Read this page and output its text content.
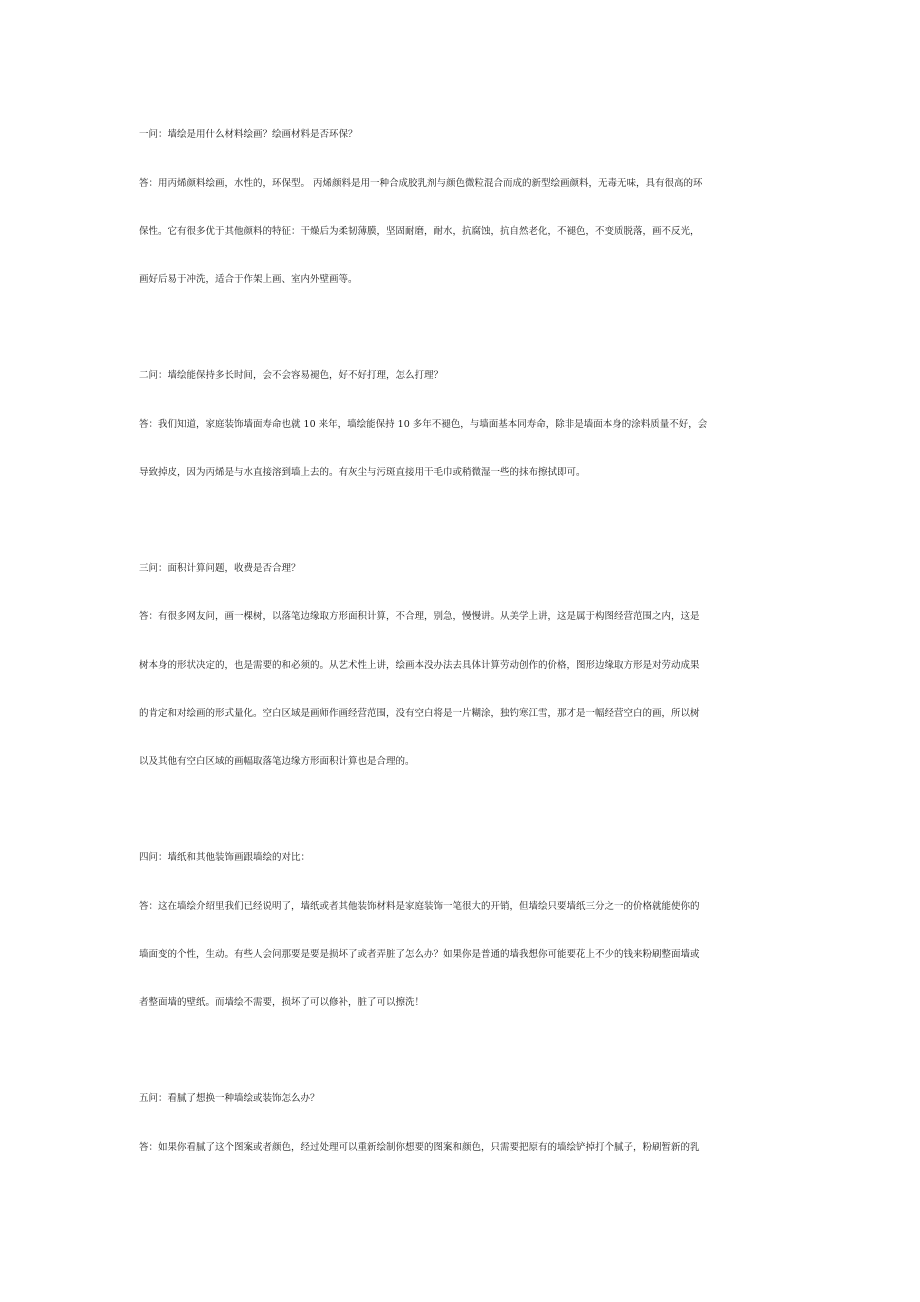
一问：墙绘是用什么材料绘画？绘画材料是否环保？
答：用丙烯颜料绘画，水性的，环保型。 丙烯颜料是用一种合成胶乳剂与颜色微粒混合而成的新型绘画颜料，无毒无味，具有很高的环
保性。它有很多优于其他颜料的特征：干燥后为柔韧薄膜，坚固耐磨，耐水，抗腐蚀，抗自然老化，不褪色，不变质脱落，画不反光，
画好后易于冲洗，适合于作架上画、室内外壁画等。
二问：墙绘能保持多长时间，会不会容易褪色，好不好打理，怎么打理？
答：我们知道，家庭装饰墙面寿命也就 10 来年，墙绘能保持 10 多年不褪色，与墙面基本同寿命，除非是墙面本身的涂料质量不好，会
导致掉皮，因为丙烯是与水直接溶到墙上去的。有灰尘与污斑直接用干毛巾或稍微湿一些的抹布擦拭即可。
三问：面积计算问题，收费是否合理？
答：有很多网友问，画一棵树，以落笔边缘取方形面积计算，不合理，别急，慢慢讲。从美学上讲，这是属于构图经营范围之内，这是
树本身的形状决定的，也是需要的和必须的。从艺术性上讲，绘画本没办法去具体计算劳动创作的价格，图形边缘取方形是对劳动成果
的肯定和对绘画的形式量化。空白区域是画师作画经营范围，没有空白将是一片糊涂，独钓寒江雪，那才是一幅经营空白的画，所以树
以及其他有空白区域的画幅取落笔边缘方形面积计算也是合理的。
四问：墙纸和其他装饰画跟墙绘的对比：
答：这在墙绘介绍里我们已经说明了，墙纸或者其他装饰材料是家庭装饰一笔很大的开销，但墙绘只要墙纸三分之一的价格就能使你的
墙面变的个性，生动。有些人会问那要是要是损坏了或者弄脏了怎么办？如果你是普通的墙我想你可能要花上不少的钱来粉刷整面墙或
者整面墙的壁纸。而墙绘不需要，损坏了可以修补，脏了可以擦洗！
五问：看腻了想换一种墙绘或装饰怎么办？
答：如果你看腻了这个图案或者颜色，经过处理可以重新绘制你想要的图案和颜色，只需要把原有的墙绘铲掉打个腻子，粉刷暂新的乳
